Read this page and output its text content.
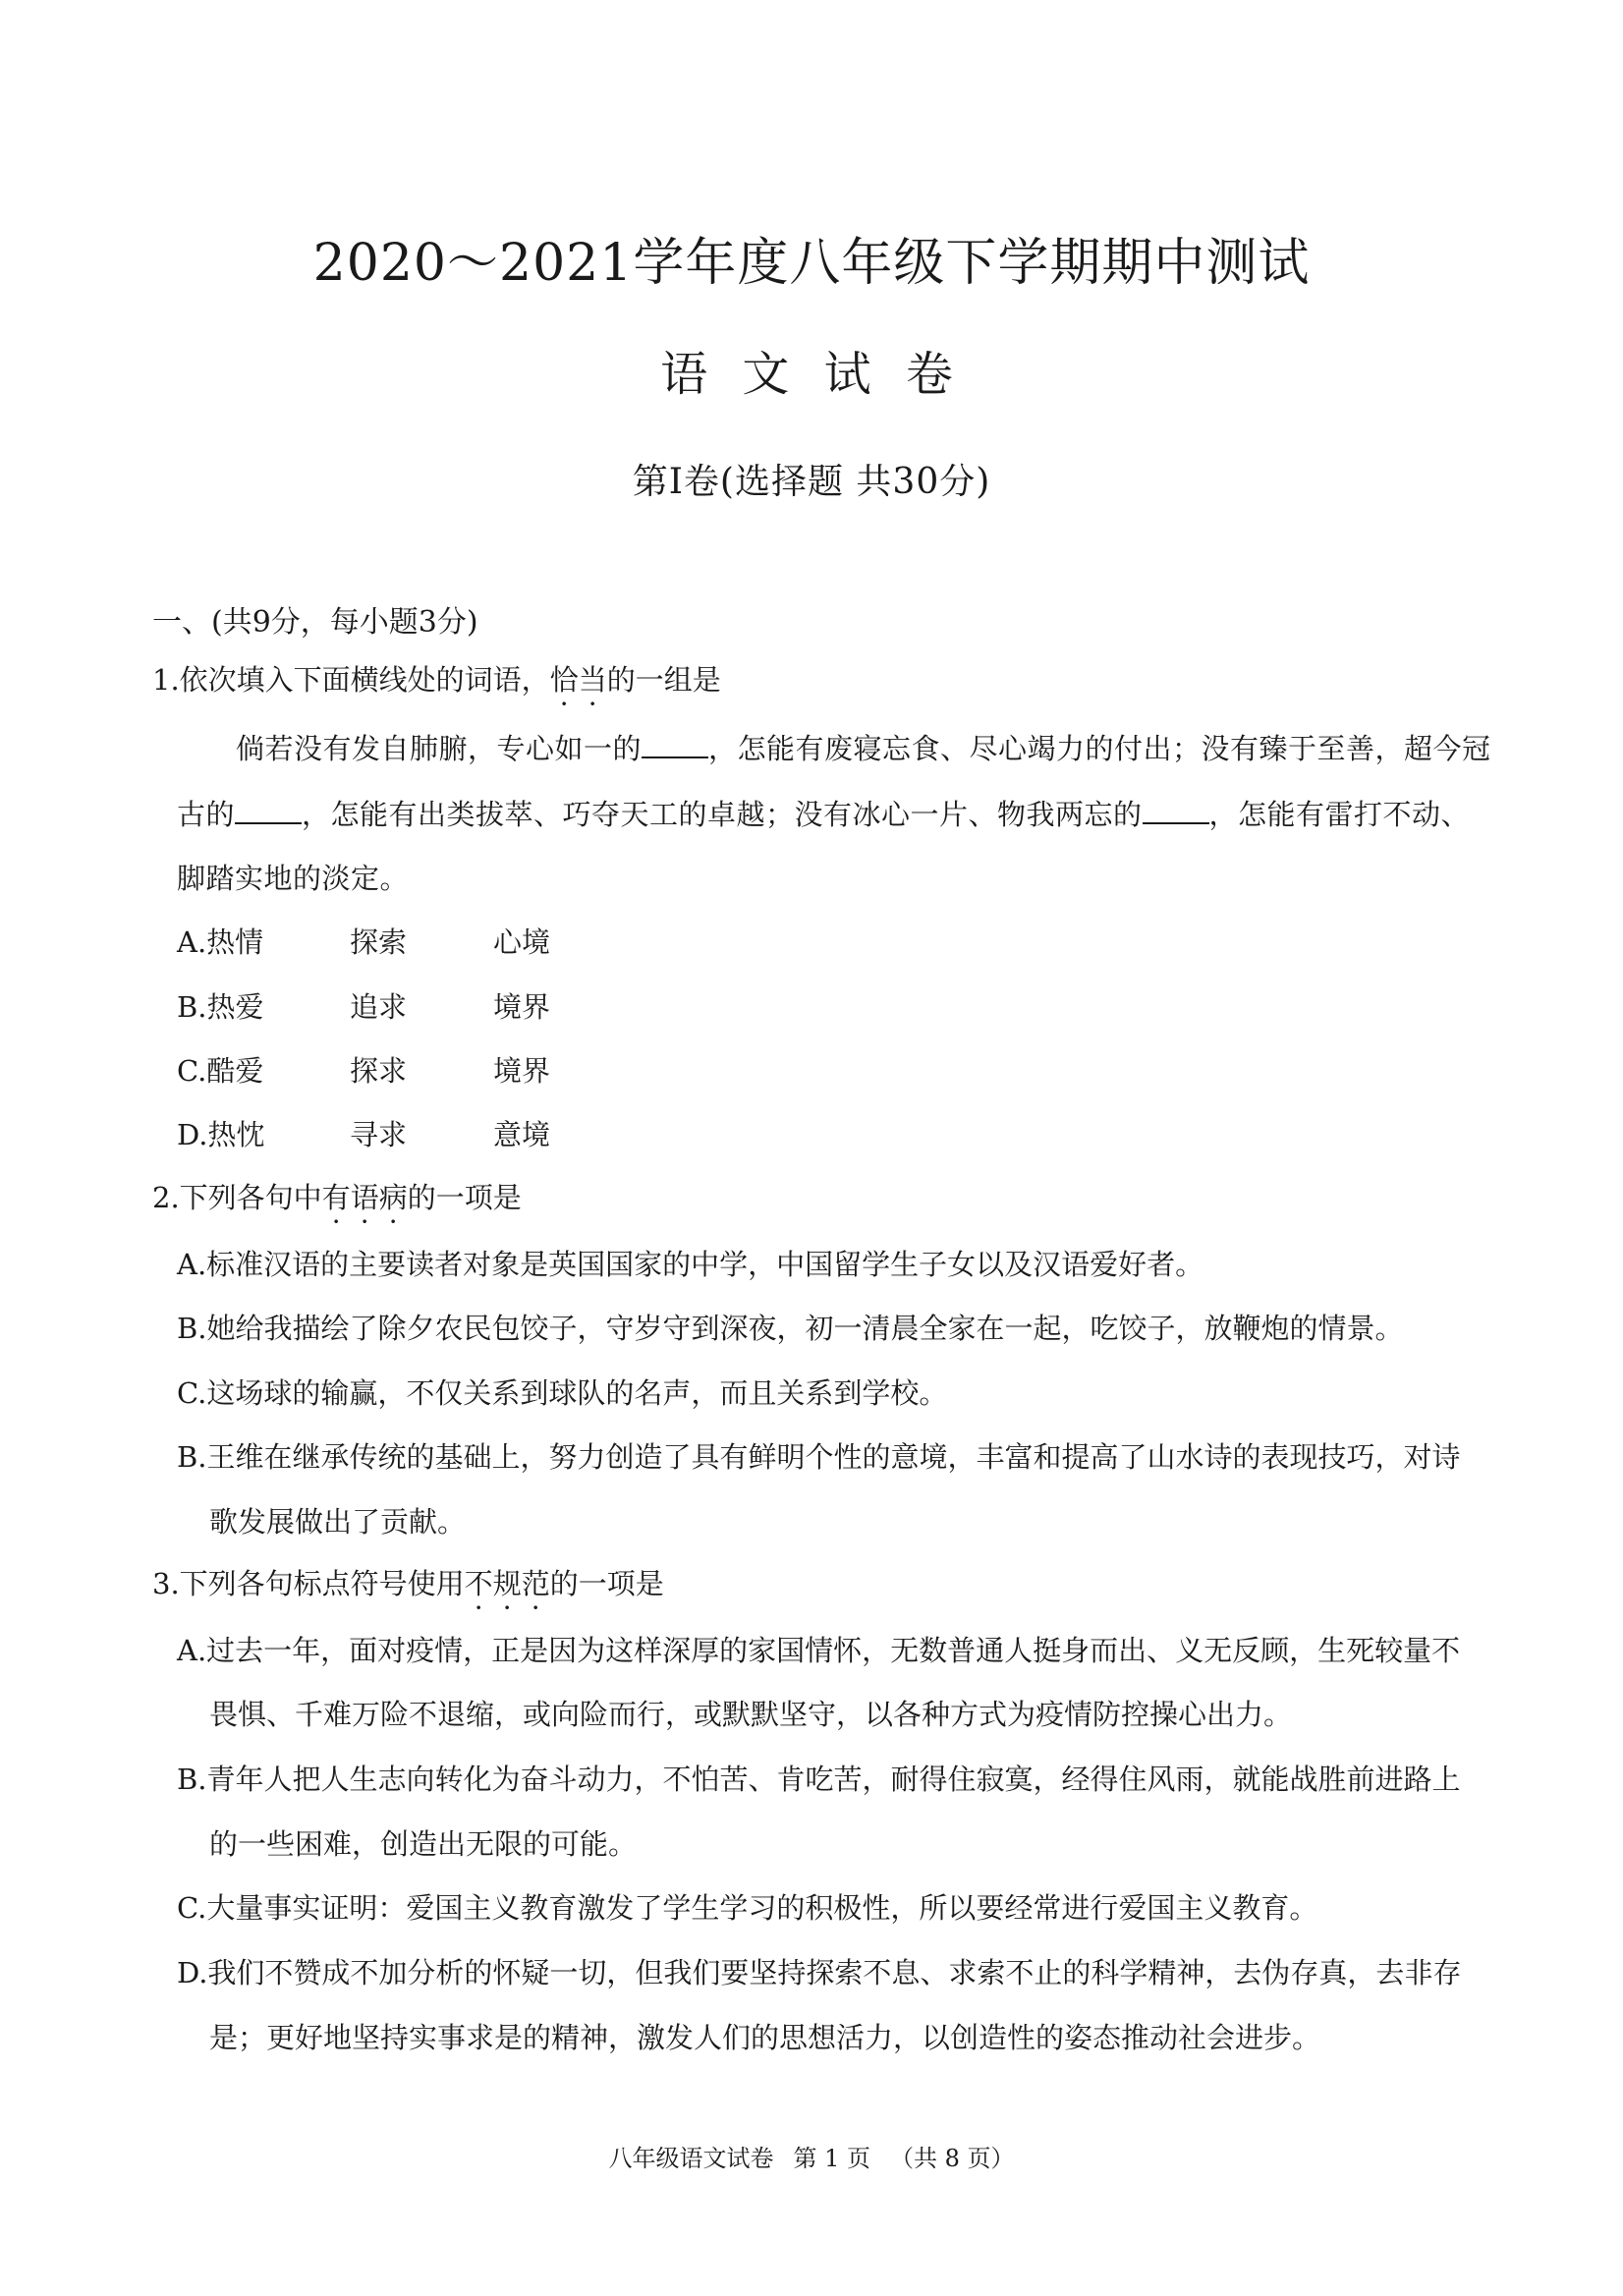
2020～2021学年度八年级下学期期中测试
语 文 试 卷
第Ⅰ卷(选择题 共30分)
一、(共9分，每小题3分)
1.依次填入下面横线处的词语，恰当的一组是
倘若没有发自肺腑，专心如一的 ，怎能有废寝忘食、尽心竭力的付出；没有臻于至善，超今冠
古的 ，怎能有出类拔萃、巧夺天工的卓越；没有冰心一片、物我两忘的 ，怎能有雷打不动、
脚踏实地的淡定。
A.热情	探索	心境
B.热爱	追求	境界
C.酷爱	探求	境界
D.热忱	寻求	意境
2.下列各句中有语病的一项是
A.标准汉语的主要读者对象是英国国家的中学，中国留学生子女以及汉语爱好者。
B.她给我描绘了除夕农民包饺子，守岁守到深夜，初一清晨全家在一起，吃饺子，放鞭炮的情景。
C.这场球的输赢，不仅关系到球队的名声，而且关系到学校。
B.王维在继承传统的基础上，努力创造了具有鲜明个性的意境，丰富和提高了山水诗的表现技巧，对诗
歌发展做出了贡献。
3.下列各句标点符号使用不规范的一项是
A.过去一年，面对疫情，正是因为这样深厚的家国情怀，无数普通人挺身而出、义无反顾，生死较量不
畏惧、千难万险不退缩，或向险而行，或默默坚守，以各种方式为疫情防控操心出力。
B.青年人把人生志向转化为奋斗动力，不怕苦、肯吃苦，耐得住寂寞，经得住风雨，就能战胜前进路上
的一些困难，创造出无限的可能。
C.大量事实证明：爱国主义教育激发了学生学习的积极性，所以要经常进行爱国主义教育。
D.我们不赞成不加分析的怀疑一切，但我们要坚持探索不息、求索不止的科学精神，去伪存真，去非存
是；更好地坚持实事求是的精神，激发人们的思想活力，以创造性的姿态推动社会进步。
八年级语文试卷 第 1 页 （共 8 页）
